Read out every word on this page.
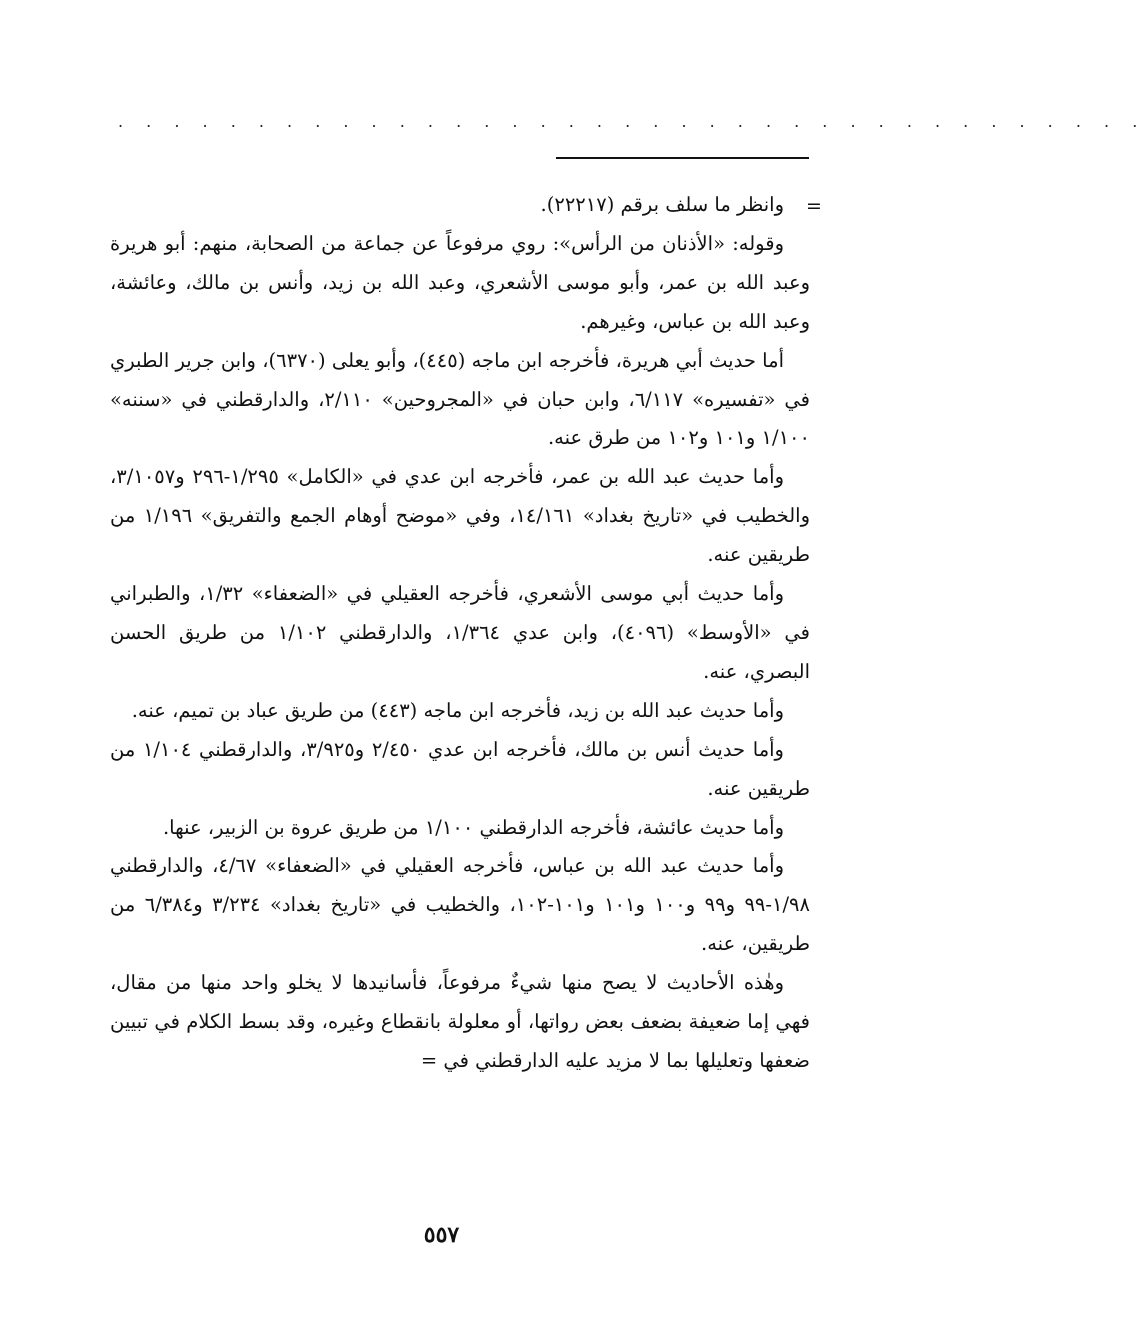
. . . . . . . . . . . . . . . . . . . . . . . . . . . . . . . . . . . . .
=

وانظر ما سلف برقم (٢٢٢١٧).

وقوله: «الأذنان من الرأس»: روي مرفوعاً عن جماعة من الصحابة، منهم: أبو هريرة وعبد الله بن عمر، وأبو موسى الأشعري، وعبد الله بن زيد، وأنس بن مالك، وعائشة، وعبد الله بن عباس، وغيرهم.

أما حديث أبي هريرة، فأخرجه ابن ماجه (٤٤٥)، وأبو يعلى (٦٣٧٠)، وابن جرير الطبري في «تفسيره» ٦/١١٧، وابن حبان في «المجروحين» ٢/١١٠، والدارقطني في «سننه» ١/١٠٠ و١٠١ و١٠٢ من طرق عنه.

وأما حديث عبد الله بن عمر، فأخرجه ابن عدي في «الكامل» ١/٢٩٥-٢٩٦ و٣/١٠٥٧، والخطيب في «تاريخ بغداد» ١٤/١٦١، وفي «موضح أوهام الجمع والتفريق» ١/١٩٦ من طريقين عنه.

وأما حديث أبي موسى الأشعري، فأخرجه العقيلي في «الضعفاء» ١/٣٢، والطبراني في «الأوسط» (٤٠٩٦)، وابن عدي ١/٣٦٤، والدارقطني ١/١٠٢ من طريق الحسن البصري، عنه.

وأما حديث عبد الله بن زيد، فأخرجه ابن ماجه (٤٤٣) من طريق عباد بن تميم، عنه.

وأما حديث أنس بن مالك، فأخرجه ابن عدي ٢/٤٥٠ و٣/٩٢٥، والدارقطني ١/١٠٤ من طريقين عنه.

وأما حديث عائشة، فأخرجه الدارقطني ١/١٠٠ من طريق عروة بن الزبير، عنها.

وأما حديث عبد الله بن عباس، فأخرجه العقيلي في «الضعفاء» ٤/٦٧، والدارقطني ١/٩٨-٩٩ و٩٩ و١٠٠ و١٠١ و١٠١-١٠٢، والخطيب في «تاريخ بغداد» ٣/٢٣٤ و٦/٣٨٤ من طريقين، عنه.

وهٰذه الأحاديث لا يصح منها شيءٌ مرفوعاً، فأسانيدها لا يخلو واحد منها من مقال، فهي إما ضعيفة بضعف بعض رواتها، أو معلولة بانقطاع وغيره، وقد بسط الكلام في تبيين ضعفها وتعليلها بما لا مزيد عليه الدارقطني في =

٥٥٧
